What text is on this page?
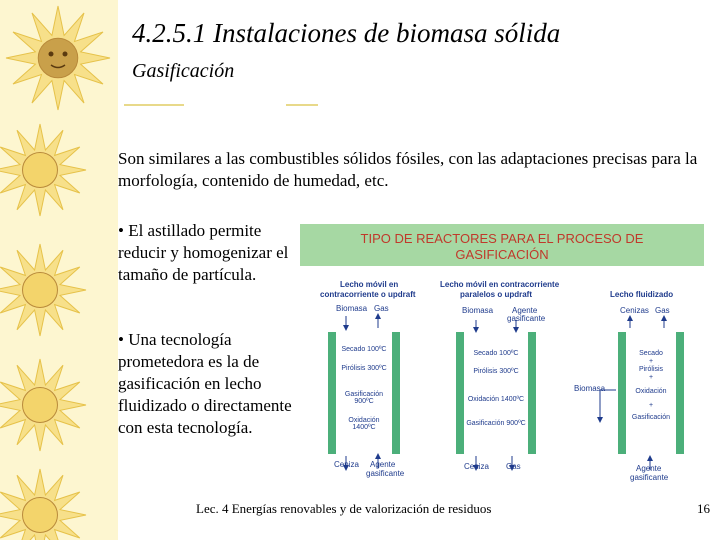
4.2.5.1 Instalaciones de biomasa sólida
Gasificación
Son similares a las combustibles sólidos fósiles, con las adaptaciones precisas para la morfología, contenido de humedad, etc.
• El astillado permite reducir y homogenizar el tamaño de partícula.
• Una tecnología prometedora es la de gasificación en lecho fluidizado o directamente con esta tecnología.
TIPO DE REACTORES PARA EL PROCESO DE
GASIFICACIÓN
Lecho móvil en
contracorriente o updraft
Biomasa Gas
Lecho móvil en contracorriente
paralelos o updraft
Biomasa Agente
gasificante
Lecho fluidizado
Cenizas Gas
Biomasa
Secado 100ºC
Pirólisis 300ºC
Gasificación 900ºC
Oxidación 1400ºC
Ceniza Agente
gasificante
Secado 100ºC
Pirólisis 300ºC
Oxidación 1400ºC
Gasificación 900ºC
Ceniza Gas
Secado
+
Pirólisis
+
Oxidación
+
Gasificación
Agente
gasificante
Lec. 4 Energías renovables y de valorización de residuos	16
